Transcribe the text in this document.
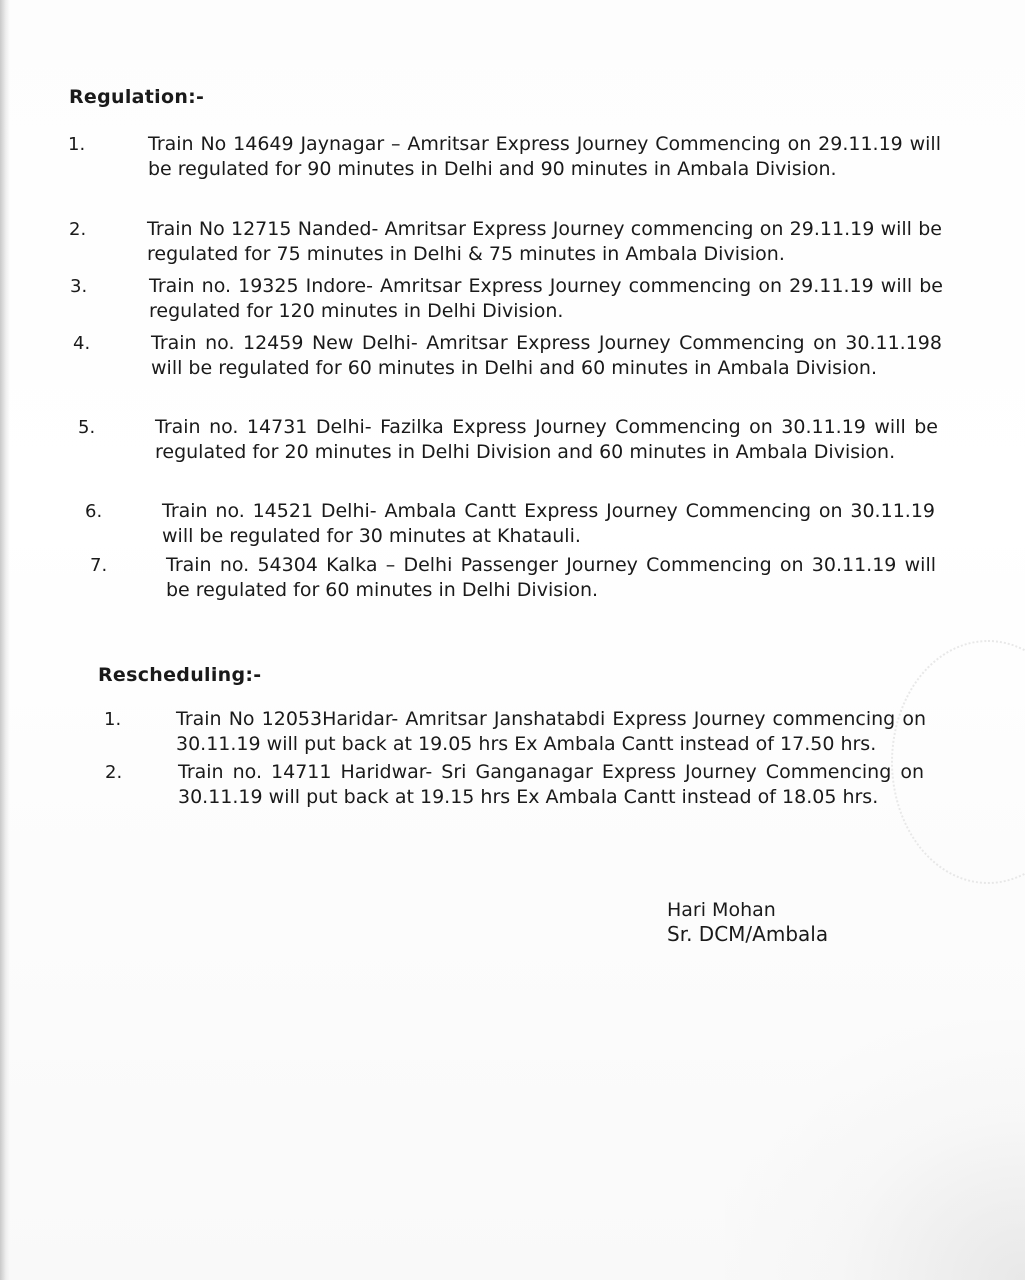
Regulation:-
1.	Train No 14649 Jaynagar – Amritsar Express Journey Commencing on 29.11.19 will be regulated for 90 minutes in Delhi and 90 minutes in Ambala Division.
2.	Train No 12715 Nanded- Amritsar Express Journey commencing on 29.11.19 will be regulated for 75 minutes in Delhi & 75 minutes in Ambala Division.
3.	Train no. 19325 Indore- Amritsar Express Journey commencing on 29.11.19 will be regulated for 120 minutes in Delhi Division.
4.	Train no. 12459 New Delhi- Amritsar Express Journey Commencing on 30.11.198 will be regulated for 60 minutes in Delhi and 60 minutes in Ambala Division.
5.	Train no. 14731 Delhi- Fazilka Express Journey Commencing on 30.11.19 will be regulated for 20 minutes in Delhi Division and 60 minutes in Ambala Division.
6.	Train no. 14521 Delhi- Ambala Cantt Express Journey Commencing on 30.11.19 will be regulated for 30 minutes at Khatauli.
7.	Train no. 54304 Kalka – Delhi Passenger Journey Commencing on 30.11.19 will be regulated for 60 minutes in Delhi Division.
Rescheduling:-
1.	Train No 12053Haridar- Amritsar Janshatabdi Express Journey commencing on 30.11.19 will put back at 19.05 hrs Ex Ambala Cantt instead of 17.50 hrs.
2.	Train no. 14711 Haridwar- Sri Ganganagar Express Journey Commencing on 30.11.19 will put back at 19.15 hrs Ex Ambala Cantt instead of 18.05 hrs.
Hari Mohan
Sr. DCM/Ambala
